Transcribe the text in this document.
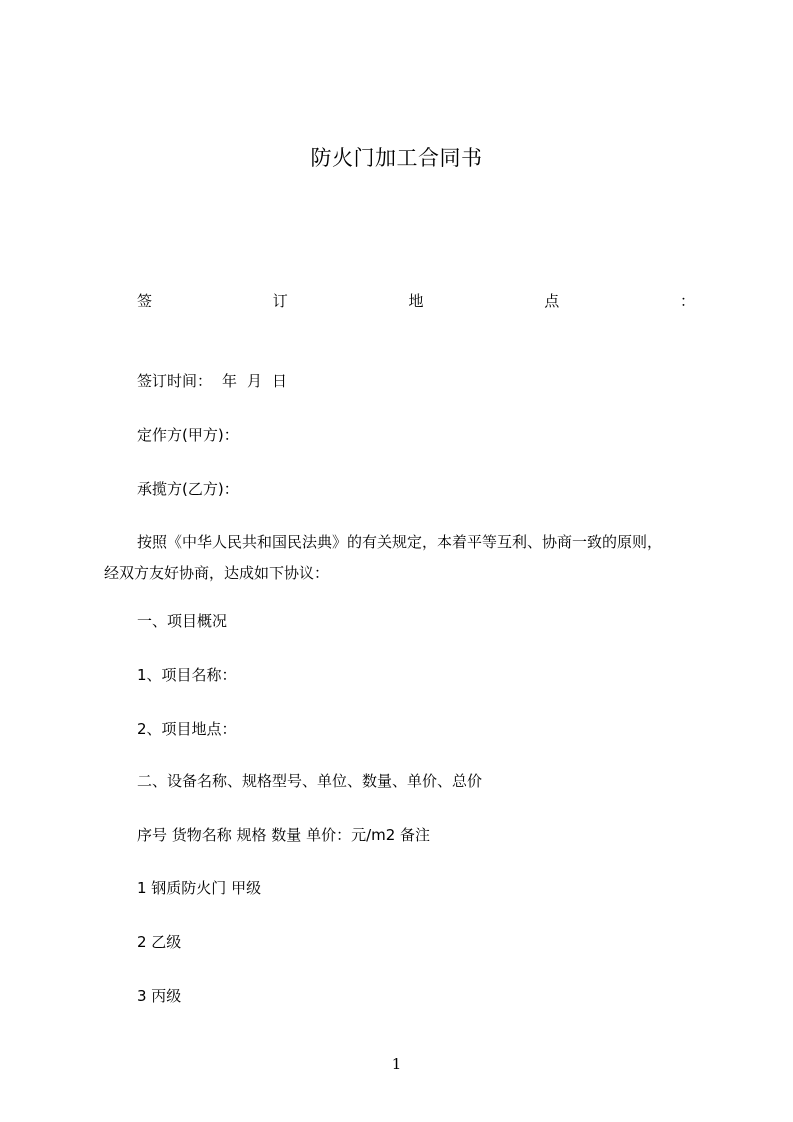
防火门加工合同书
签	订	地	点	：
签订时间： 年 月 日
定作方(甲方)：
承揽方(乙方)：
按照《中华人民共和国民法典》的有关规定，本着平等互利、协商一致的原则，
经双方友好协商，达成如下协议：
一、项目概况
1、项目名称：
2、项目地点：
二、设备名称、规格型号、单位、数量、单价、总价
序号 货物名称 规格 数量 单价：元/m2 备注
1 钢质防火门 甲级
2 乙级
3 丙级
1
